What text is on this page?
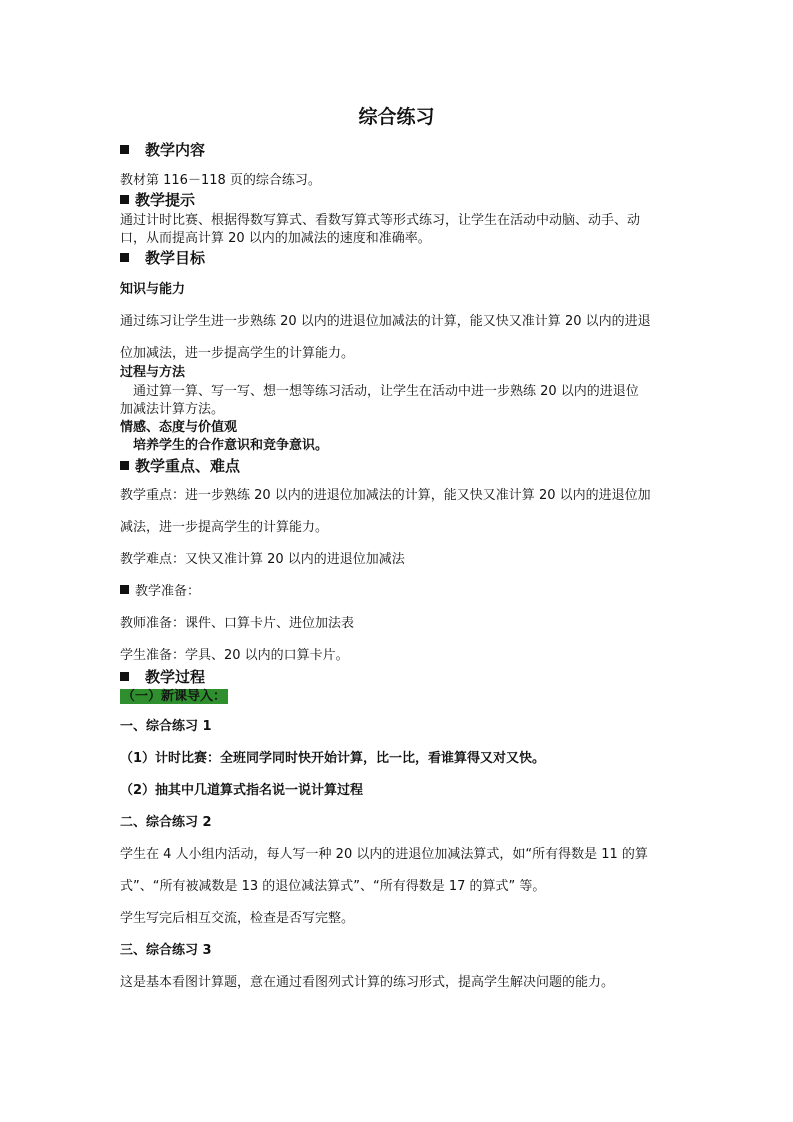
综合练习
教学内容
教材第 116－118 页的综合练习。
教学提示
通过计时比赛、根据得数写算式、看数写算式等形式练习，让学生在活动中动脑、动手、动
口，从而提高计算 20 以内的加减法的速度和准确率。
教学目标
知识与能力
通过练习让学生进一步熟练 20 以内的进退位加减法的计算，能又快又准计算 20 以内的进退
位加减法，进一步提高学生的计算能力。
过程与方法
通过算一算、写一写、想一想等练习活动，让学生在活动中进一步熟练 20 以内的进退位
加减法计算方法。
情感、态度与价值观
培养学生的合作意识和竞争意识。
教学重点、难点
教学重点：进一步熟练 20 以内的进退位加减法的计算，能又快又准计算 20 以内的进退位加
减法，进一步提高学生的计算能力。
教学难点：又快又准计算 20 以内的进退位加减法
教学准备：
教师准备：课件、口算卡片、进位加法表
学生准备：学具、20 以内的口算卡片。
教学过程
（一）新课导入：
一、综合练习 1
（1）计时比赛：全班同学同时快开始计算，比一比，看谁算得又对又快。
（2）抽其中几道算式指名说一说计算过程
二、综合练习 2
学生在 4 人小组内活动，每人写一种 20 以内的进退位加减法算式，如“所有得数是 11 的算
式”、“所有被减数是 13 的退位减法算式”、“所有得数是 17 的算式” 等。
学生写完后相互交流，检查是否写完整。
三、综合练习 3
这是基本看图计算题，意在通过看图列式计算的练习形式，提高学生解决问题的能力。
